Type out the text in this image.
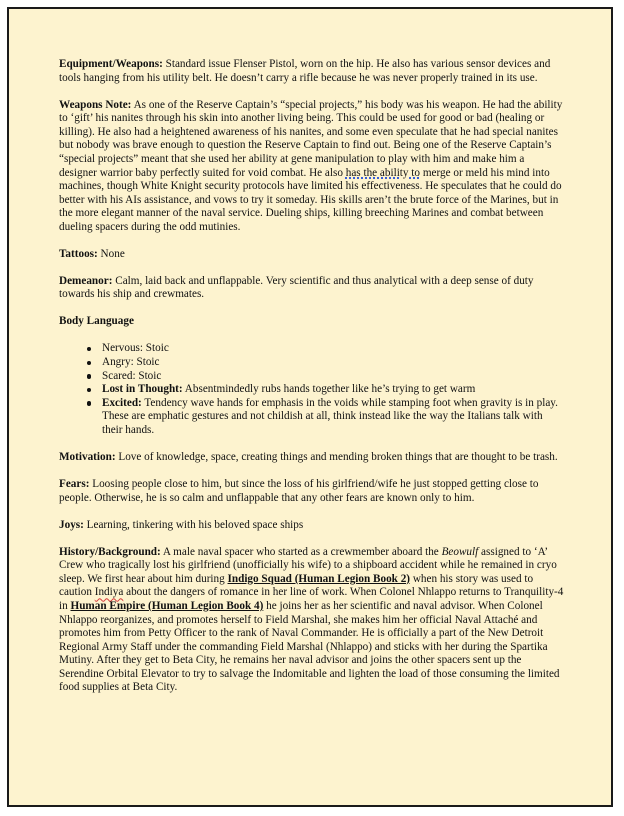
Equipment/Weapons: Standard issue Flenser Pistol, worn on the hip. He also has various sensor devices and tools hanging from his utility belt. He doesn’t carry a rifle because he was never properly trained in its use.

Weapons Note: As one of the Reserve Captain’s “special projects,” his body was his weapon. He had the ability to ‘gift’ his nanites through his skin into another living being. This could be used for good or bad (healing or killing). He also had a heightened awareness of his nanites, and some even speculate that he had special nanites but nobody was brave enough to question the Reserve Captain to find out. Being one of the Reserve Captain’s “special projects” meant that she used her ability at gene manipulation to play with him and make him a designer warrior baby perfectly suited for void combat. He also has the ability to merge or meld his mind into machines, though White Knight security protocols have limited his effectiveness. He speculates that he could do better with his AIs assistance, and vows to try it someday. His skills aren’t the brute force of the Marines, but in the more elegant manner of the naval service. Dueling ships, killing breeching Marines and combat between dueling spacers during the odd mutinies.

Tattoos: None

Demeanor: Calm, laid back and unflappable. Very scientific and thus analytical with a deep sense of duty towards his ship and crewmates.

Body Language

Nervous: Stoic
Angry: Stoic
Scared: Stoic
Lost in Thought: Absentmindedly rubs hands together like he’s trying to get warm
Excited: Tendency wave hands for emphasis in the voids while stamping foot when gravity is in play. These are emphatic gestures and not childish at all, think instead like the way the Italians talk with their hands.

Motivation: Love of knowledge, space, creating things and mending broken things that are thought to be trash.

Fears: Loosing people close to him, but since the loss of his girlfriend/wife he just stopped getting close to people. Otherwise, he is so calm and unflappable that any other fears are known only to him.

Joys: Learning, tinkering with his beloved space ships

History/Background: A male naval spacer who started as a crewmember aboard the Beowulf assigned to ‘A’ Crew who tragically lost his girlfriend (unofficially his wife) to a shipboard accident while he remained in cryo sleep. We first hear about him during Indigo Squad (Human Legion Book 2) when his story was used to caution Indiya about the dangers of romance in her line of work. When Colonel Nhlappo returns to Tranquility-4 in Human Empire (Human Legion Book 4) he joins her as her scientific and naval advisor. When Colonel Nhlappo reorganizes, and promotes herself to Field Marshal, she makes him her official Naval Attaché and promotes him from Petty Officer to the rank of Naval Commander. He is officially a part of the New Detroit Regional Army Staff under the commanding Field Marshal (Nhlappo) and sticks with her during the Spartika Mutiny. After they get to Beta City, he remains her naval advisor and joins the other spacers sent up the Serendine Orbital Elevator to try to salvage the Indomitable and lighten the load of those consuming the limited food supplies at Beta City.
